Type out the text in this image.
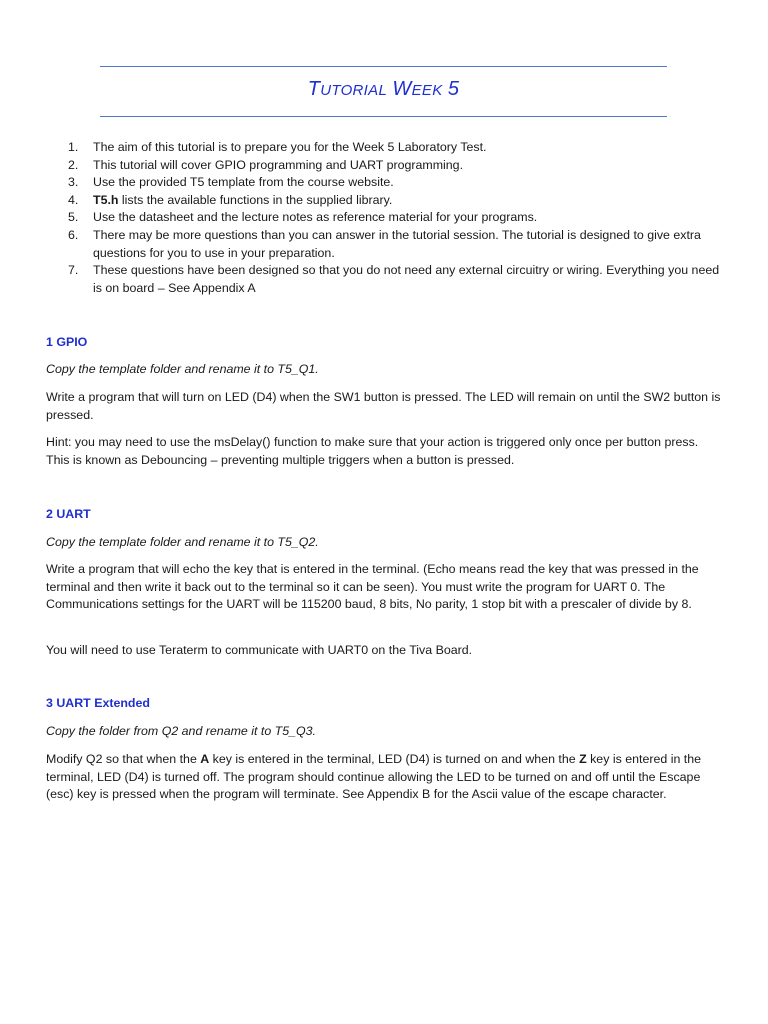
TUTORIAL WEEK 5
1. The aim of this tutorial is to prepare you for the Week 5 Laboratory Test.
2. This tutorial will cover GPIO programming and UART programming.
3. Use the provided T5 template from the course website.
4. T5.h lists the available functions in the supplied library.
5. Use the datasheet and the lecture notes as reference material for your programs.
6. There may be more questions than you can answer in the tutorial session. The tutorial is designed to give extra questions for you to use in your preparation.
7. These questions have been designed so that you do not need any external circuitry or wiring. Everything you need is on board – See Appendix A
1 GPIO

Copy the template folder and rename it to T5_Q1.

Write a program that will turn on LED (D4) when the SW1 button is pressed. The LED will remain on until the SW2 button is pressed.

Hint: you may need to use the msDelay() function to make sure that your action is triggered only once per button press. This is known as Debouncing – preventing multiple triggers when a button is pressed.

2 UART

Copy the template folder and rename it to T5_Q2.

Write a program that will echo the key that is entered in the terminal. (Echo means read the key that was pressed in the terminal and then write it back out to the terminal so it can be seen). You must write the program for UART 0. The Communications settings for the UART will be 115200 baud, 8 bits, No parity, 1 stop bit with a prescaler of divide by 8.

You will need to use Teraterm to communicate with UART0 on the Tiva Board.

3 UART Extended

Copy the folder from Q2 and rename it to T5_Q3.

Modify Q2 so that when the A key is entered in the terminal, LED (D4) is turned on and when the Z key is entered in the terminal, LED (D4) is turned off. The program should continue allowing the LED to be turned on and off until the Escape (esc) key is pressed when the program will terminate. See Appendix B for the Ascii value of the escape character.
